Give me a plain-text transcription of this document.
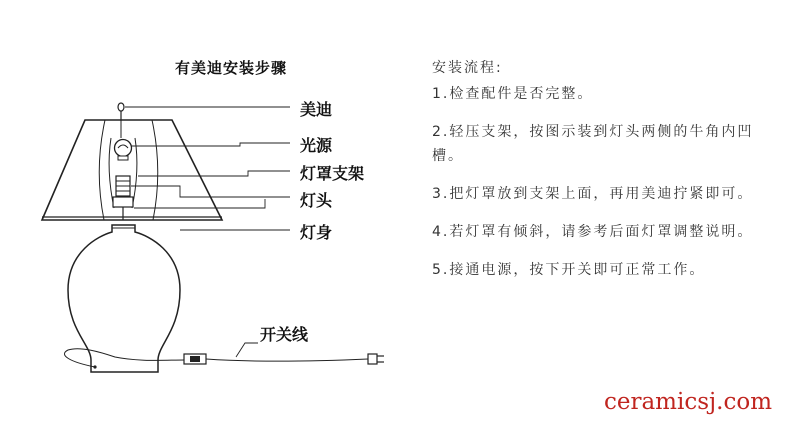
有美迪安装步骤
美迪
光源
灯罩支架
灯头
灯身
开关线
安装流程:
1.检查配件是否完整。
2.轻压支架，按图示装到灯头两侧的牛角内凹槽。
3.把灯罩放到支架上面，再用美迪拧紧即可。
4.若灯罩有倾斜，请参考后面灯罩调整说明。
5.接通电源，按下开关即可正常工作。
ceramicsj.com
